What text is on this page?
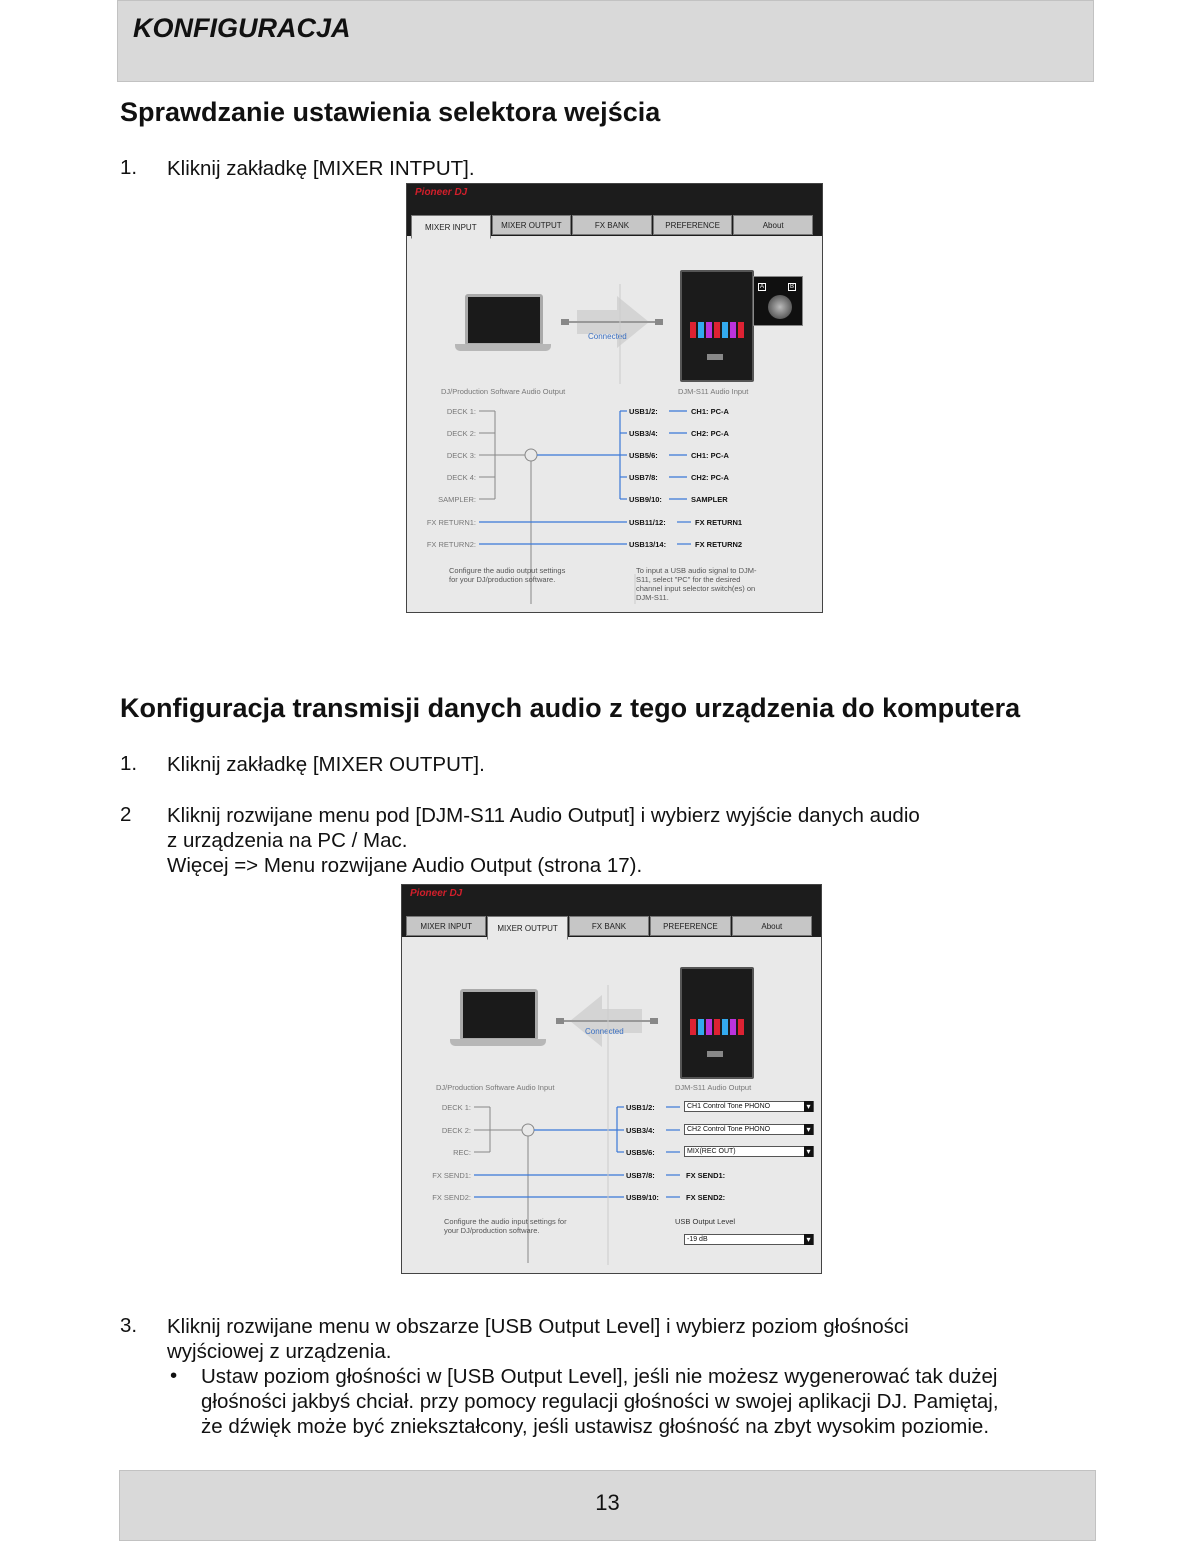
KONFIGURACJA
Sprawdzanie ustawienia selektora wejścia
1. Kliknij zakładkę [MIXER INTPUT].
Pioneer DJ
MIXER INPUT	MIXER OUTPUT	FX BANK	PREFERENCE	About
Connected
A	B
DJ/Production Software Audio Output	DJM-S11 Audio Input
DECK 1:
DECK 2:
DECK 3:
DECK 4:
SAMPLER:
FX RETURN1:
FX RETURN2:
USB1/2:
USB3/4:
USB5/6:
USB7/8:
USB9/10:
USB11/12:
USB13/14:
CH1: PC-A
CH2: PC-A
CH1: PC-A
CH2: PC-A
SAMPLER
FX RETURN1
FX RETURN2
Configure the audio output settings
for your DJ/production software.
To input a USB audio signal to DJM-
S11, select "PC" for the desired
channel input selector switch(es) on
DJM-S11.
Konfiguracja transmisji danych audio z tego urządzenia do komputera
1. Kliknij zakładkę [MIXER OUTPUT].
2 Kliknij rozwijane menu pod [DJM-S11 Audio Output] i wybierz wyjście danych audio
z urządzenia na PC / Mac.
Więcej => Menu rozwijane Audio Output (strona 17).
Pioneer DJ
MIXER INPUT	MIXER OUTPUT	FX BANK	PREFERENCE	About
Connected
DJ/Production Software Audio Input	DJM-S11 Audio Output
DECK 1:
DECK 2:
REC:
FX SEND1:
FX SEND2:
USB1/2:
USB3/4:
USB5/6:
USB7/8:
USB9/10:
CH1 Control Tone PHONO ▾
CH2 Control Tone PHONO ▾
MIX(REC OUT) ▾
FX SEND1:
FX SEND2:
Configure the audio input settings for
your DJ/production software.
USB Output Level
-19 dB ▾
3. Kliknij rozwijane menu w obszarze [USB Output Level] i wybierz poziom głośności
wyjściowej z urządzenia.
• Ustaw poziom głośności w [USB Output Level], jeśli nie możesz wygenerować tak dużej
głośności jakbyś chciał. przy pomocy regulacji głośności w swojej aplikacji DJ. Pamiętaj,
że dźwięk może być zniekształcony, jeśli ustawisz głośność na zbyt wysokim poziomie.
13
